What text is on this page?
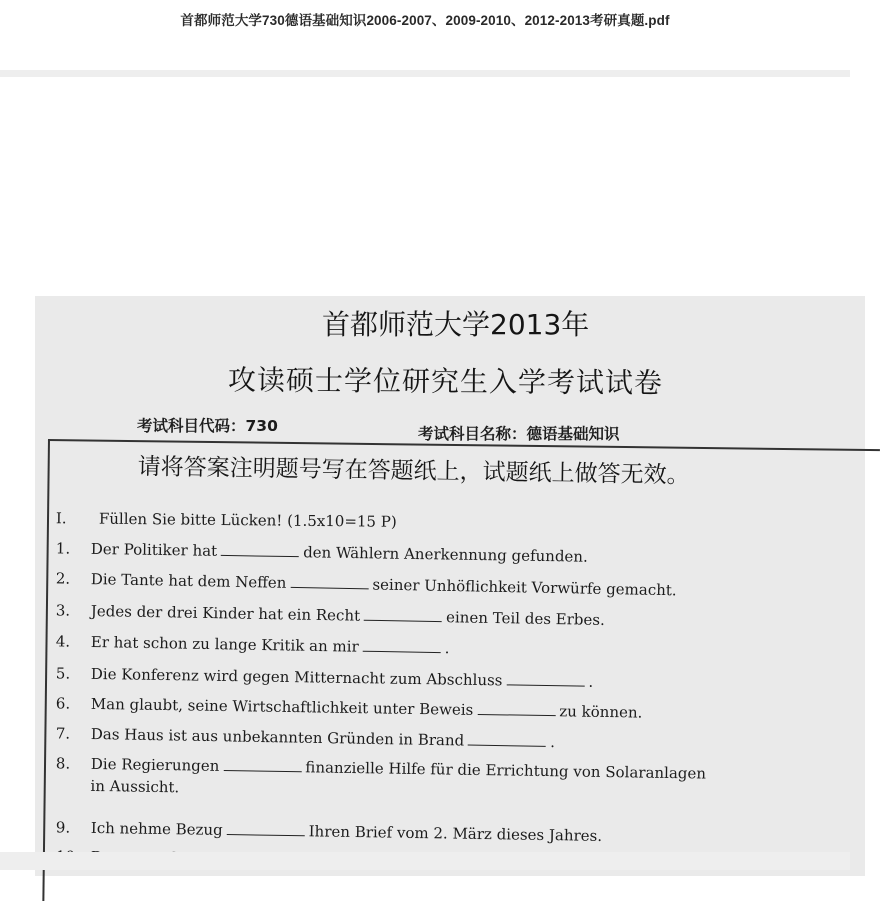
首都师范大学730德语基础知识2006-2007、2009-2010、2012-2013考研真题.pdf
首都师范大学2013年
攻读硕士学位研究生入学考试试卷
考试科目代码：730	考试科目名称：德语基础知识
请将答案注明题号写在答题纸上，试题纸上做答无效。
I. Füllen Sie bitte Lücken! (1.5x10=15 P)
1. Der Politiker hat	den Wählern Anerkennung gefunden.
2. Die Tante hat dem Neffen	seiner Unhöflichkeit Vorwürfe gemacht.
3. Jedes der drei Kinder hat ein Recht	einen Teil des Erbes.
4. Er hat schon zu lange Kritik an mir	.
5. Die Konferenz wird gegen Mitternacht zum Abschluss	.
6. Man glaubt, seine Wirtschaftlichkeit unter Beweis	zu können.
7. Das Haus ist aus unbekannten Gründen in Brand	.
8. Die Regierungen	finanzielle Hilfe für die Errichtung von Solaranlagen
in Aussicht.
9. Ich nehme Bezug	Ihren Brief vom 2. März dieses Jahres.
